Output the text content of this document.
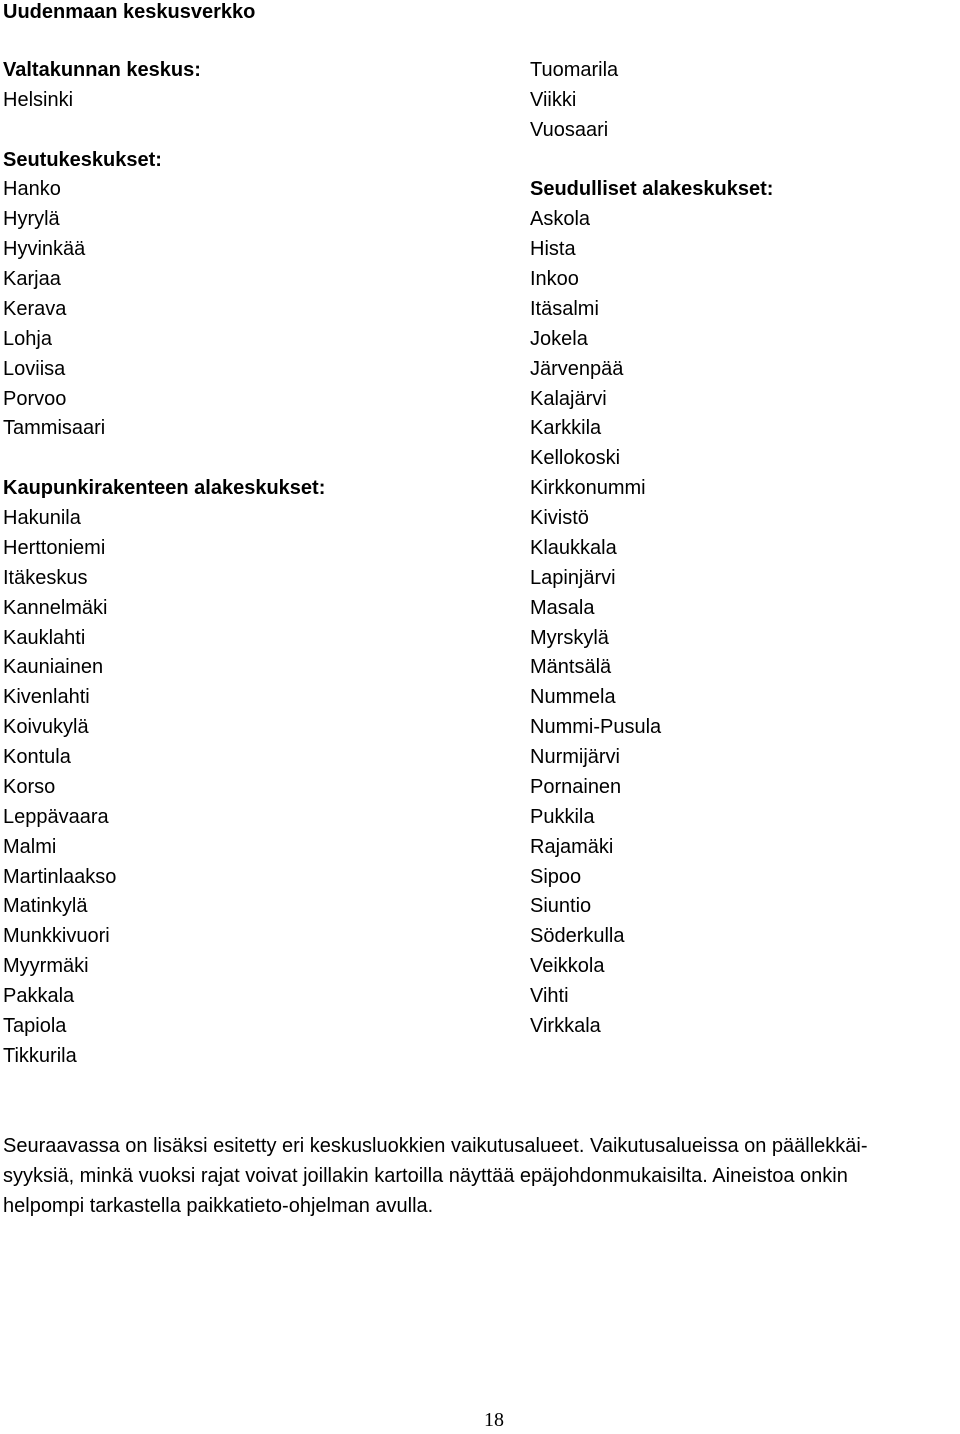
Uudenmaan keskusverkko
Valtakunnan keskus:
Helsinki
Seutukeskukset:
Hanko
Hyrylä
Hyvinkää
Karjaa
Kerava
Lohja
Loviisa
Porvoo
Tammisaari
Kaupunkirakenteen alakeskukset:
Hakunila
Herttoniemi
Itäkeskus
Kannelmäki
Kauklahti
Kauniainen
Kivenlahti
Koivukylä
Kontula
Korso
Leppävaara
Malmi
Martinlaakso
Matinkylä
Munkkivuori
Myyrmäki
Pakkala
Tapiola
Tikkurila
Tuomarila
Viikki
Vuosaari
Seudulliset alakeskukset:
Askola
Hista
Inkoo
Itäsalmi
Jokela
Järvenpää
Kalajärvi
Karkkila
Kellokoski
Kirkkonummi
Kivistö
Klaukkala
Lapinjärvi
Masala
Myrskylä
Mäntsälä
Nummela
Nummi-Pusula
Nurmijärvi
Pornainen
Pukkila
Rajamäki
Sipoo
Siuntio
Söderkulla
Veikkola
Vihti
Virkkala

Seuraavassa on lisäksi esitetty eri keskusluokkien vaikutusalueet. Vaikutusalueissa on päällekkäi-
syyksiä, minkä vuoksi rajat voivat joillakin kartoilla näyttää epäjohdonmukaisilta. Aineistoa onkin
helpompi tarkastella paikkatieto-ohjelman avulla.

18
